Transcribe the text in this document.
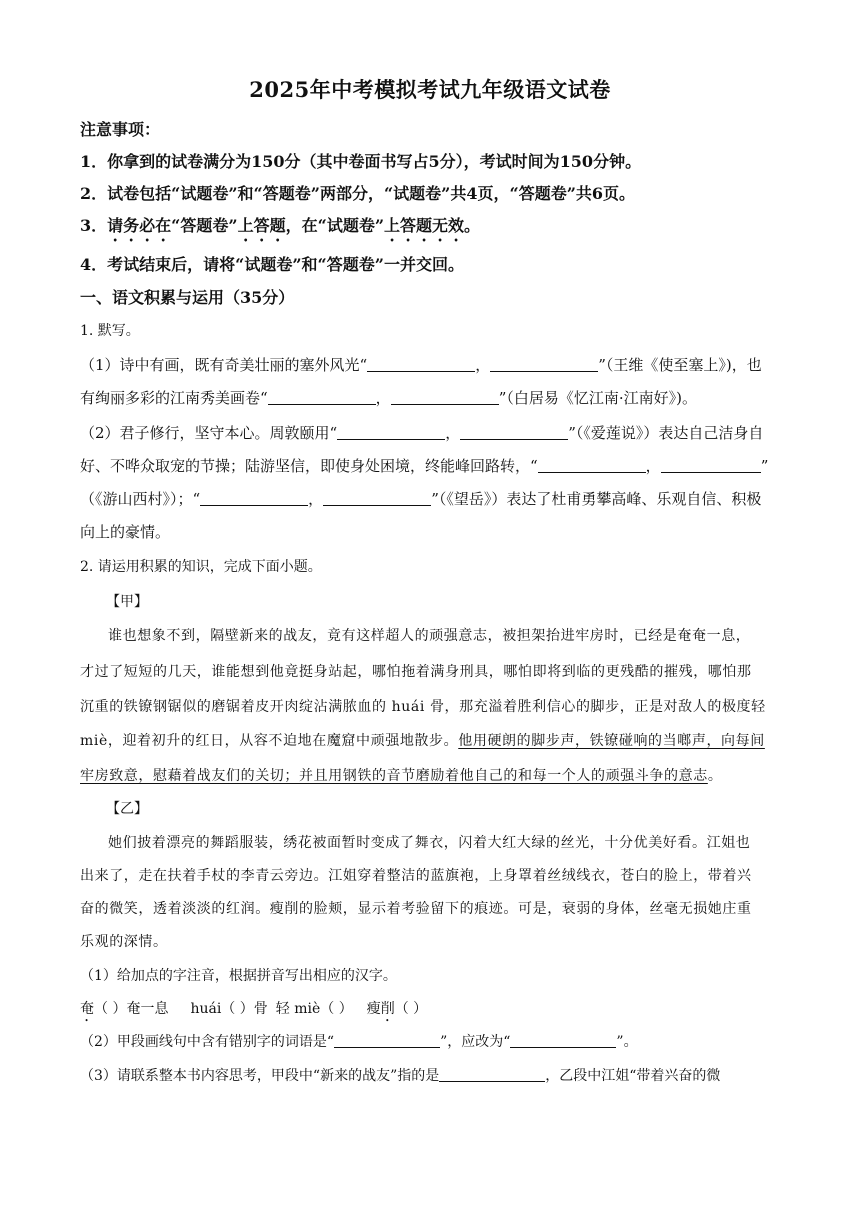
2025年中考模拟考试九年级语文试卷
注意事项：
1．你拿到的试卷满分为150分（其中卷面书写占5分），考试时间为150分钟。
2．试卷包括“试题卷”和“答题卷”两部分，“试题卷”共4页，“答题卷”共6页。
3．请务必在“答题卷”上答题，在“试题卷”上答题无效。
4．考试结束后，请将“试题卷”和“答题卷”一并交回。
一、语文积累与运用（35分）
1. 默写。
（1）诗中有画，既有奇美壮丽的塞外风光“	，	”（王维《使至塞上》)，也
有绚丽多彩的江南秀美画卷“	，	”（白居易《忆江南·江南好》)。
（2）君子修行，坚守本心。周敦颐用“	，	”（《爱莲说》）表达自己洁身自
好、不哗众取宠的节操；陆游坚信，即使身处困境，终能峰回路转，“	，	”
（《游山西村》）；“	，	”（《望岳》）表达了杜甫勇攀高峰、乐观自信、积极
向上的豪情。
2. 请运用积累的知识，完成下面小题。
【甲】
谁也想象不到，隔壁新来的战友，竟有这样超人的顽强意志，被担架抬进牢房时，已经是奄奄一息，
才过了短短的几天，谁能想到他竟挺身站起，哪怕拖着满身刑具，哪怕即将到临的更残酷的摧残，哪怕那
沉重的铁镣钢锯似的磨锯着皮开肉绽沾满脓血的 huái 骨，那充溢着胜利信心的脚步，正是对敌人的极度轻
miè，迎着初升的红日，从容不迫地在魔窟中顽强地散步。他用硬朗的脚步声，铁镣碰响的当啷声，向每间
牢房致意，慰藉着战友们的关切；并且用钢铁的音节磨励着他自己的和每一个人的顽强斗争的意志。
【乙】
她们披着漂亮的舞蹈服装，绣花被面暂时变成了舞衣，闪着大红大绿的丝光，十分优美好看。江姐也
出来了，走在扶着手杖的李青云旁边。江姐穿着整洁的蓝旗袍，上身罩着丝绒线衣，苍白的脸上，带着兴
奋的微笑，透着淡淡的红润。瘦削的脸颊，显示着考验留下的痕迹。可是，衰弱的身体，丝毫无损她庄重
乐观的深情。
（1）给加点的字注音，根据拼音写出相应的汉字。
奄（ ）奄一息 huái（ ）骨 轻 miè（ ） 瘦削（ ）
（2）甲段画线句中含有错别字的词语是“	”，应改为“	”。
（3）请联系整本书内容思考，甲段中“新来的战友”指的是	，乙段中江姐“带着兴奋的微
